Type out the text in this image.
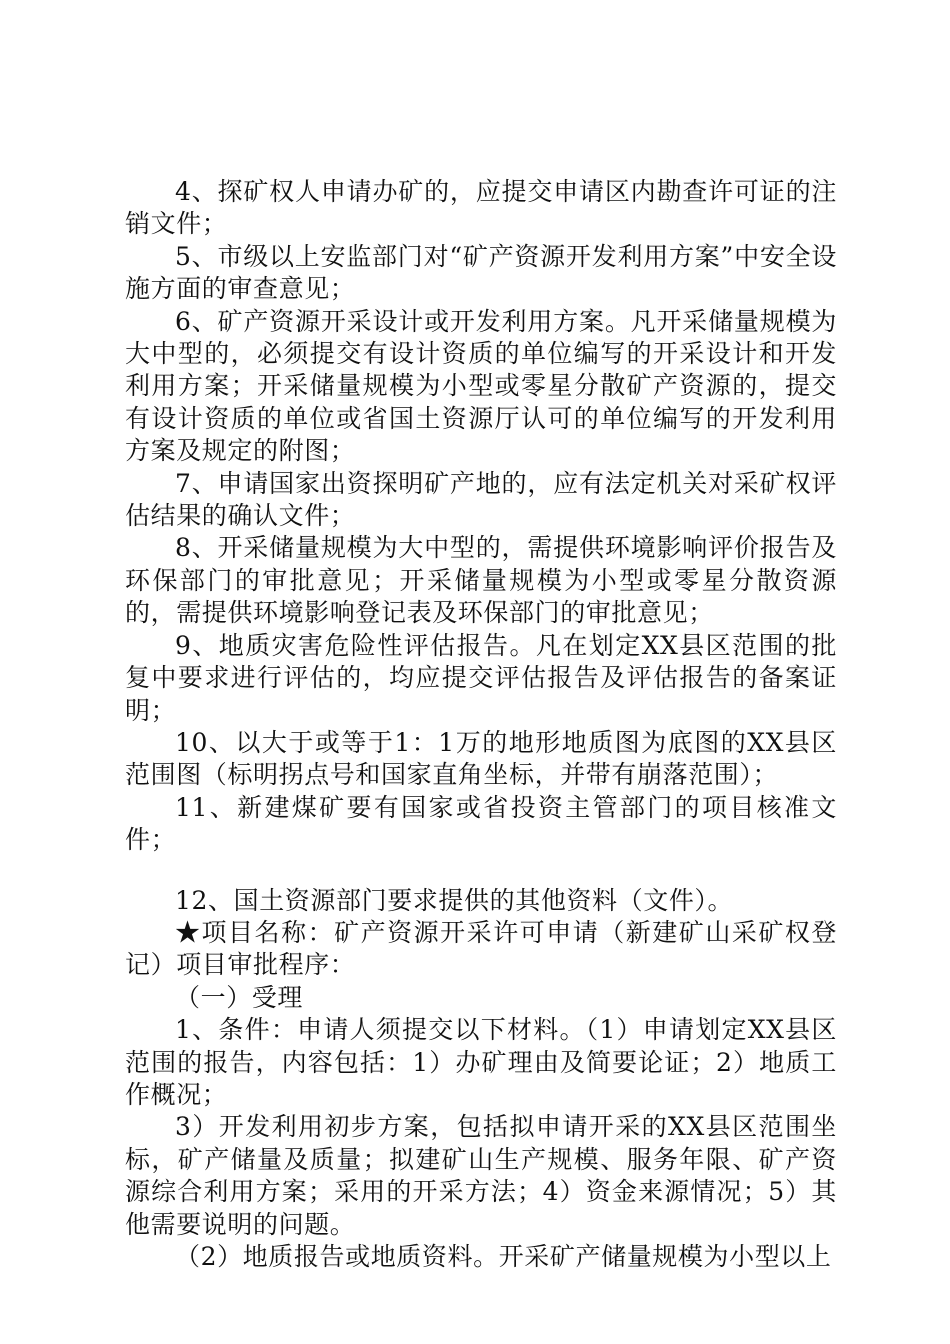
4、探矿权人申请办矿的，应提交申请区内勘查许可证的注销文件；

5、市级以上安监部门对“矿产资源开发利用方案”中安全设施方面的审查意见；

6、矿产资源开采设计或开发利用方案。凡开采储量规模为大中型的，必须提交有设计资质的单位编写的开采设计和开发利用方案；开采储量规模为小型或零星分散矿产资源的，提交有设计资质的单位或省国土资源厅认可的单位编写的开发利用方案及规定的附图；

7、申请国家出资探明矿产地的，应有法定机关对采矿权评估结果的确认文件；

8、开采储量规模为大中型的，需提供环境影响评价报告及环保部门的审批意见；开采储量规模为小型或零星分散资源的，需提供环境影响登记表及环保部门的审批意见；

9、地质灾害危险性评估报告。凡在划定XX县区范围的批复中要求进行评估的，均应提交评估报告及评估报告的备案证明；

10、以大于或等于1：1万的地形地质图为底图的XX县区范围图（标明拐点号和国家直角坐标，并带有崩落范围）；

11、新建煤矿要有国家或省投资主管部门的项目核准文件；

12、国土资源部门要求提供的其他资料（文件）。

★项目名称：矿产资源开采许可申请（新建矿山采矿权登记）项目审批程序：

（一）受理

1、条件：申请人须提交以下材料。（1）申请划定XX县区范围的报告，内容包括：1）办矿理由及简要论证；2）地质工作概况；

3）开发利用初步方案，包括拟申请开采的XX县区范围坐标，矿产储量及质量；拟建矿山生产规模、服务年限、矿产资源综合利用方案；采用的开采方法；4）资金来源情况；5）其他需要说明的问题。

（2）地质报告或地质资料。开采矿产储量规模为小型以上
